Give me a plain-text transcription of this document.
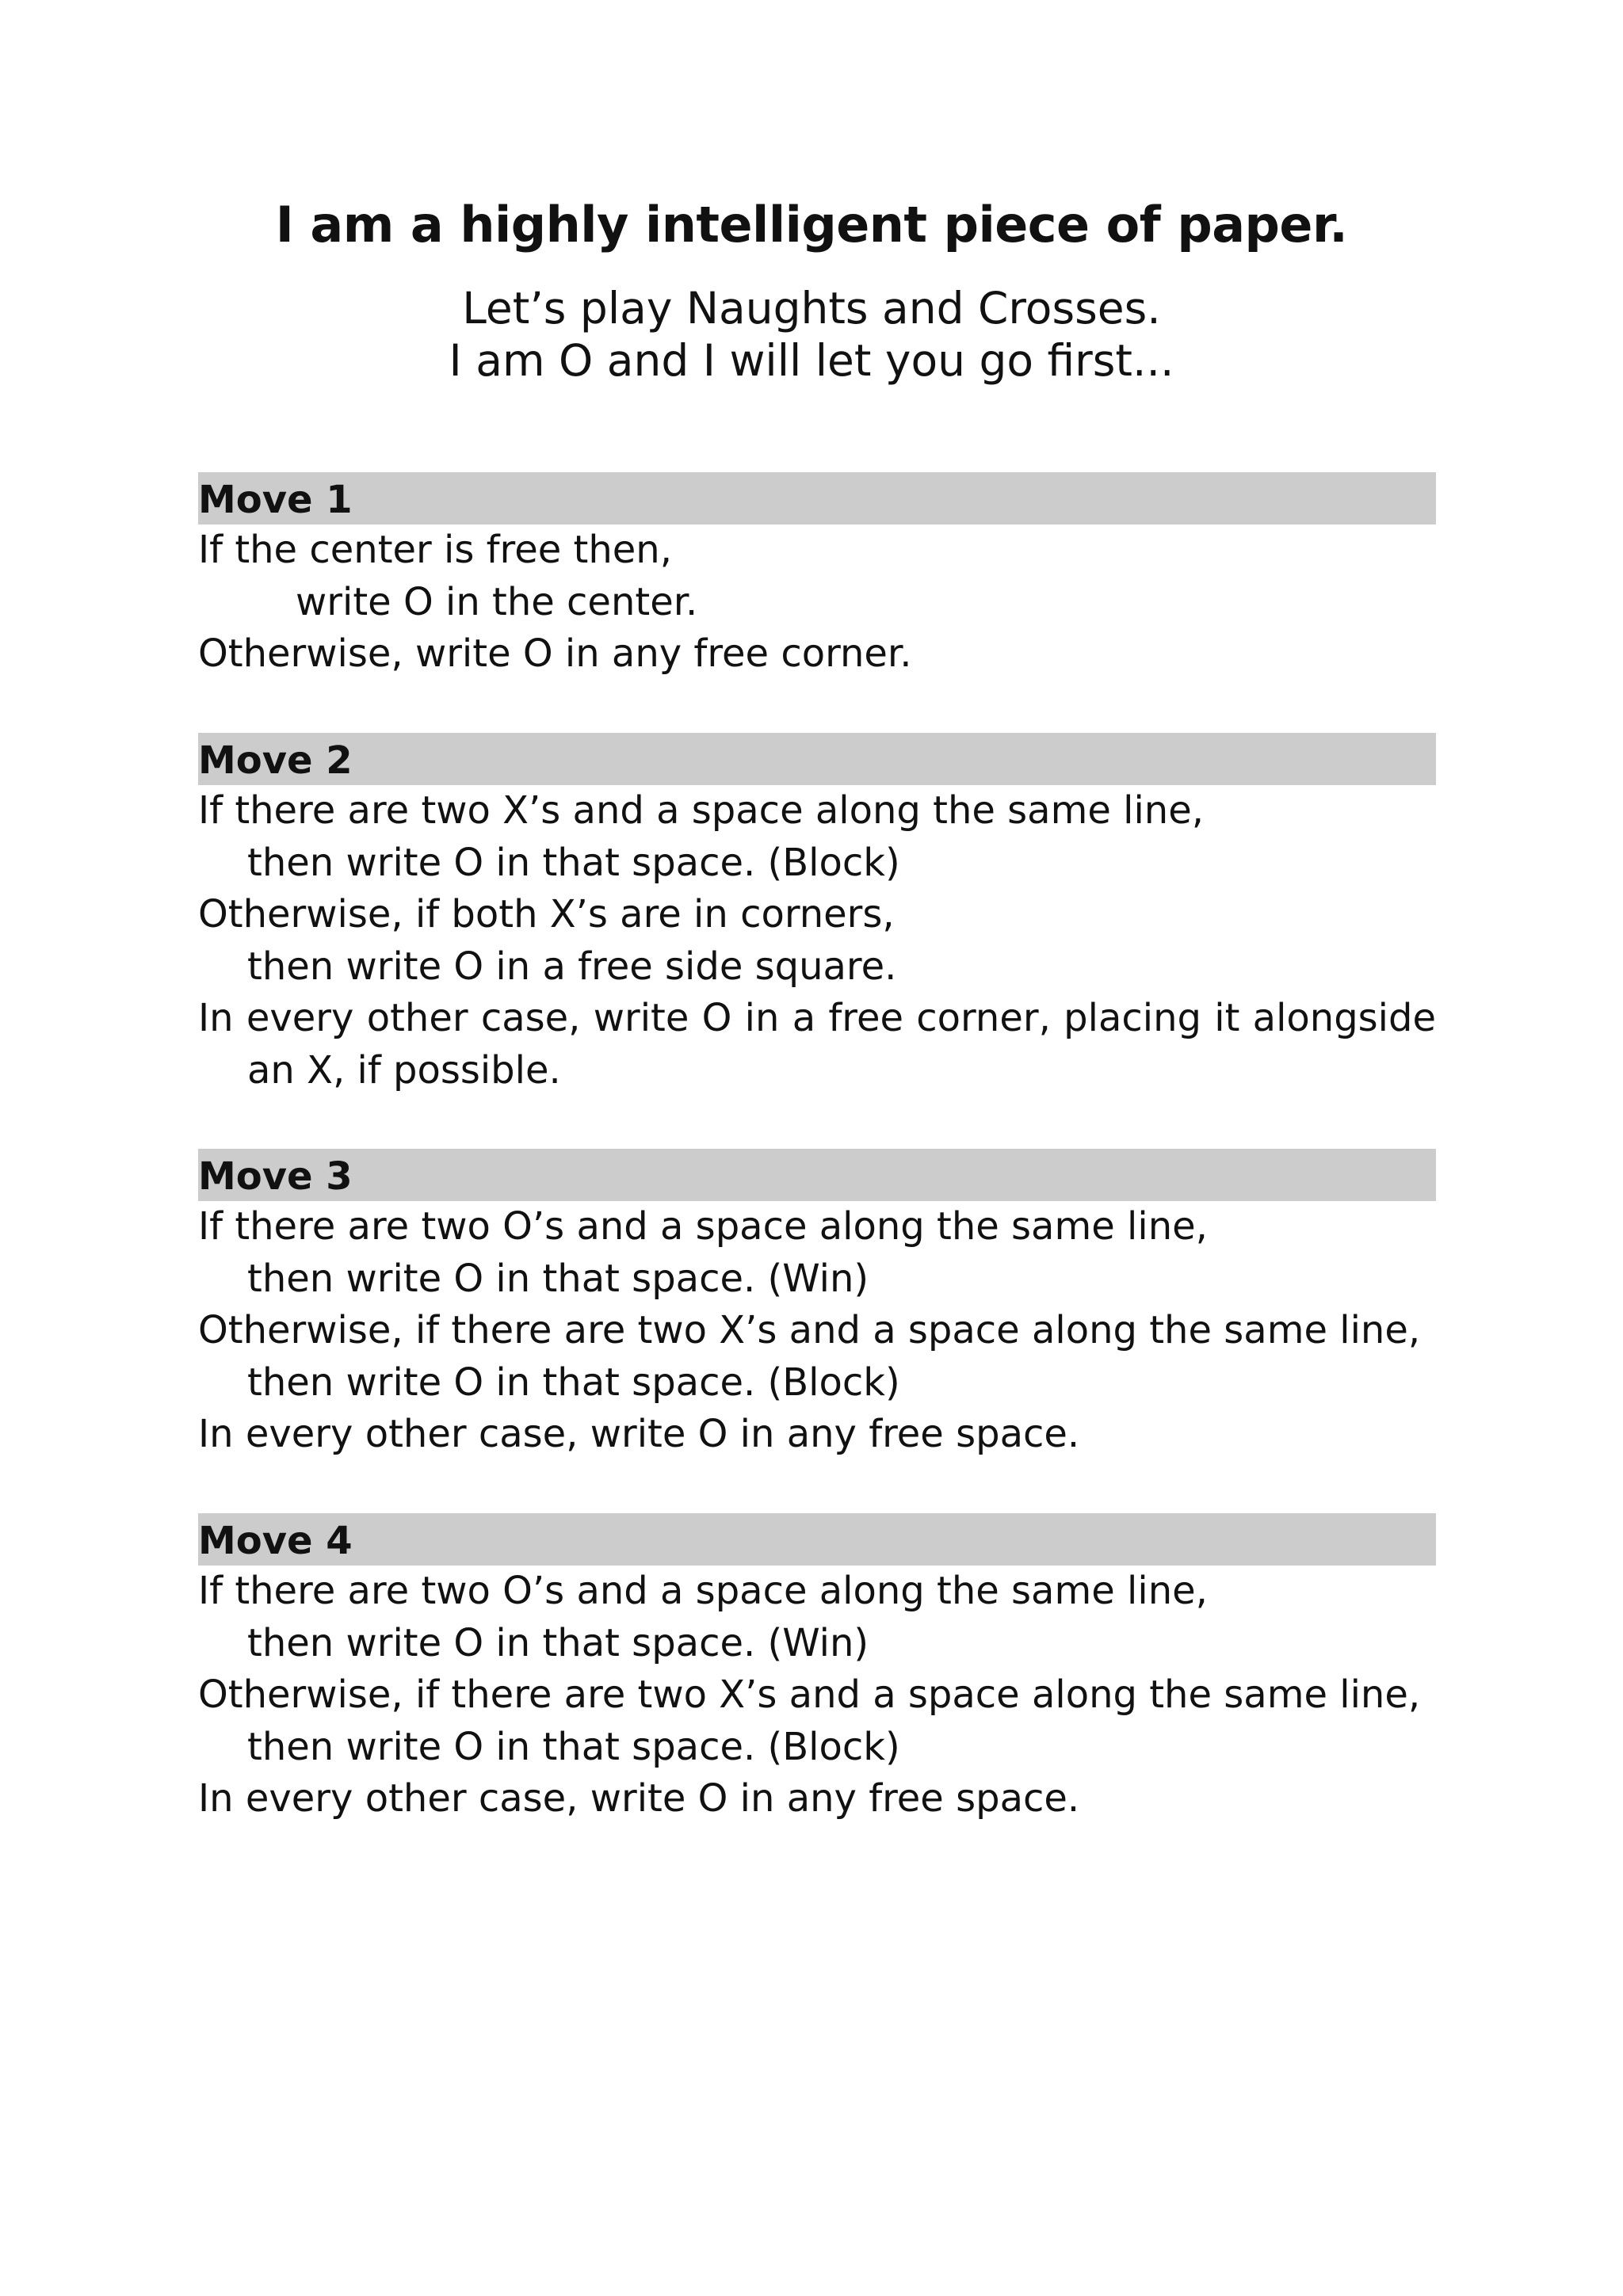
I am a highly intelligent piece of paper.
Let’s play Naughts and Crosses.
I am O and I will let you go first...
Move 1
If the center is free then,
write O in the center.
Otherwise, write O in any free corner.
Move 2
If there are two X’s and a space along the same line,
then write O in that space. (Block)
Otherwise, if both X’s are in corners,
then write O in a free side square.
In every other case, write O in a free corner, placing it alongside
an X, if possible.
Move 3
If there are two O’s and a space along the same line,
then write O in that space. (Win)
Otherwise, if there are two X’s and a space along the same line,
then write O in that space. (Block)
In every other case, write O in any free space.
Move 4
If there are two O’s and a space along the same line,
then write O in that space. (Win)
Otherwise, if there are two X’s and a space along the same line,
then write O in that space. (Block)
In every other case, write O in any free space.
